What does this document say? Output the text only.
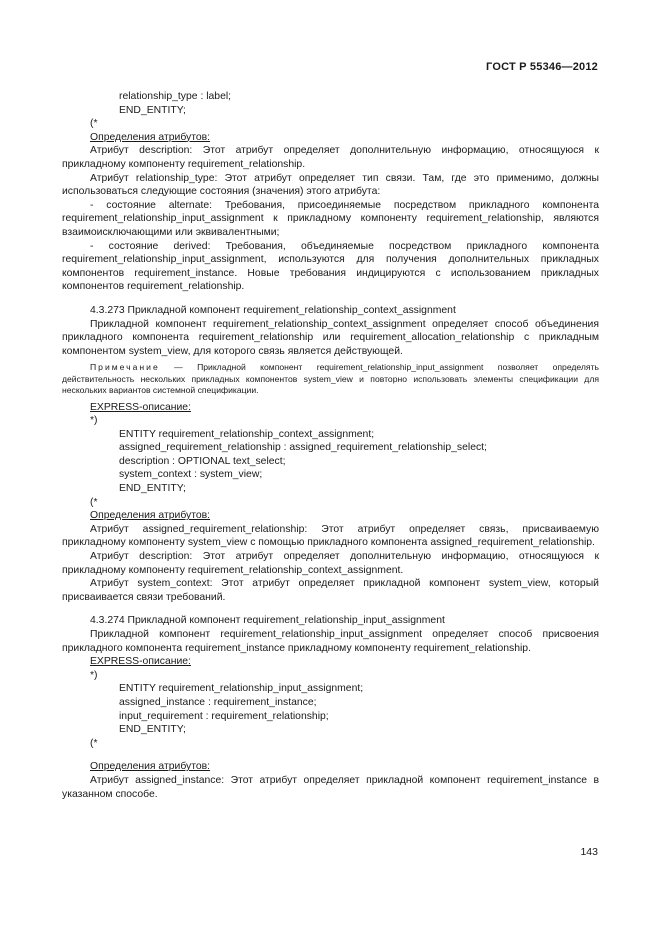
ГОСТ Р 55346—2012

relationship_type : label;

END_ENTITY;

(*

Определения атрибутов:

Атрибут description: Этот атрибут определяет дополнительную информацию, относящуюся к прикладному компоненту requirement_relationship.

Атрибут relationship_type: Этот атрибут определяет тип связи. Там, где это применимо, должны использоваться следующие состояния (значения) этого атрибута:

- состояние alternate: Требования, присоединяемые посредством прикладного компонента requirement_relationship_input_assignment к прикладному компоненту requirement_relationship, являются взаимоисключающими или эквивалентными;

- состояние derived: Требования, объединяемые посредством прикладного компонента requirement_relationship_input_assignment, используются для получения дополнительных прикладных компонентов requirement_instance. Новые требования индицируются с использованием прикладных компонентов requirement_relationship.

4.3.273 Прикладной компонент requirement_relationship_context_assignment

Прикладной компонент requirement_relationship_context_assignment определяет способ объединения прикладного компонента requirement_relationship или requirement_allocation_relationship с прикладным компонентом system_view, для которого связь является действующей.

Примечание — Прикладной компонент requirement_relationship_input_assignment позволяет определять действительность нескольких прикладных компонентов system_view и повторно использовать элементы спецификации для нескольких вариантов системной спецификации.

EXPRESS-описание:

*)

ENTITY requirement_relationship_context_assignment;

assigned_requirement_relationship : assigned_requirement_relationship_select;

description : OPTIONAL text_select;

system_context : system_view;

END_ENTITY;

(*

Определения атрибутов:

Атрибут assigned_requirement_relationship: Этот атрибут определяет связь, присваиваемую прикладному компоненту system_view с помощью прикладного компонента assigned_requirement_relationship.

Атрибут description: Этот атрибут определяет дополнительную информацию, относящуюся к прикладному компоненту requirement_relationship_context_assignment.

Атрибут system_context: Этот атрибут определяет прикладной компонент system_view, который присваивается связи требований.

4.3.274 Прикладной компонент requirement_relationship_input_assignment

Прикладной компонент requirement_relationship_input_assignment определяет способ присвоения прикладного компонента requirement_instance прикладному компоненту requirement_relationship.

EXPRESS-описание:

*)

ENTITY requirement_relationship_input_assignment;

assigned_instance : requirement_instance;

input_requirement : requirement_relationship;

END_ENTITY;

(*

Определения атрибутов:

Атрибут assigned_instance: Этот атрибут определяет прикладной компонент requirement_instance в указанном способе.

143
